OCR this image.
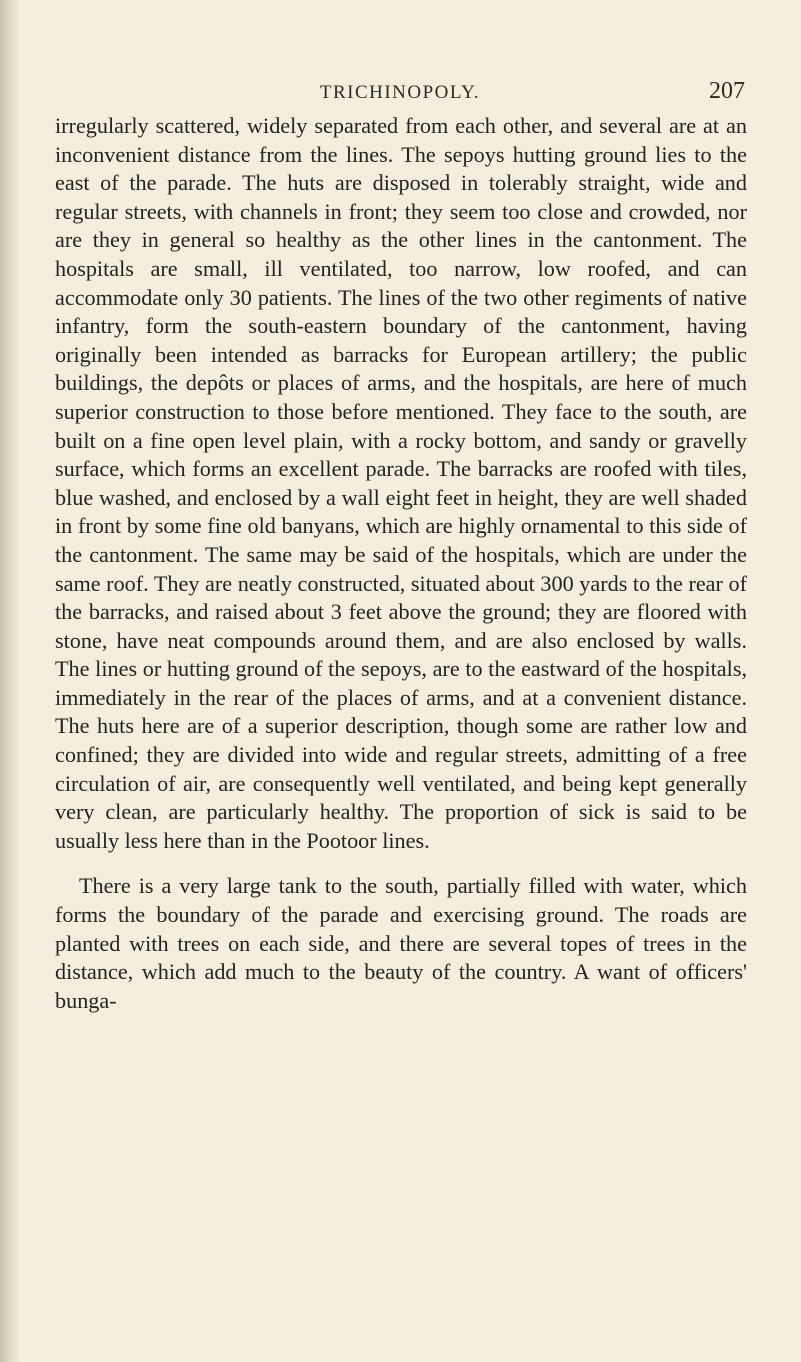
TRICHINOPOLY.	207

irregularly scattered, widely separated from each other, and several are at an inconvenient distance from the lines. The sepoys hutting ground lies to the east of the parade. The huts are disposed in tolerably straight, wide and regular streets, with channels in front; they seem too close and crowded, nor are they in general so healthy as the other lines in the cantonment. The hospitals are small, ill ventilated, too narrow, low roofed, and can accommodate only 30 patients. The lines of the two other regiments of native infantry, form the south-eastern boundary of the cantonment, having originally been intended as barracks for European artillery; the public buildings, the depôts or places of arms, and the hospitals, are here of much superior construction to those before mentioned. They face to the south, are built on a fine open level plain, with a rocky bottom, and sandy or gravelly surface, which forms an excellent parade. The barracks are roofed with tiles, blue washed, and enclosed by a wall eight feet in height, they are well shaded in front by some fine old banyans, which are highly ornamental to this side of the cantonment. The same may be said of the hospitals, which are under the same roof. They are neatly constructed, situated about 300 yards to the rear of the barracks, and raised about 3 feet above the ground; they are floored with stone, have neat compounds around them, and are also enclosed by walls. The lines or hutting ground of the sepoys, are to the eastward of the hospitals, immediately in the rear of the places of arms, and at a convenient distance. The huts here are of a superior description, though some are rather low and confined; they are divided into wide and regular streets, admitting of a free circulation of air, are consequently well ventilated, and being kept generally very clean, are particularly healthy. The proportion of sick is said to be usually less here than in the Pootoor lines.

There is a very large tank to the south, partially filled with water, which forms the boundary of the parade and exercising ground. The roads are planted with trees on each side, and there are several topes of trees in the distance, which add much to the beauty of the country. A want of officers' bunga-
